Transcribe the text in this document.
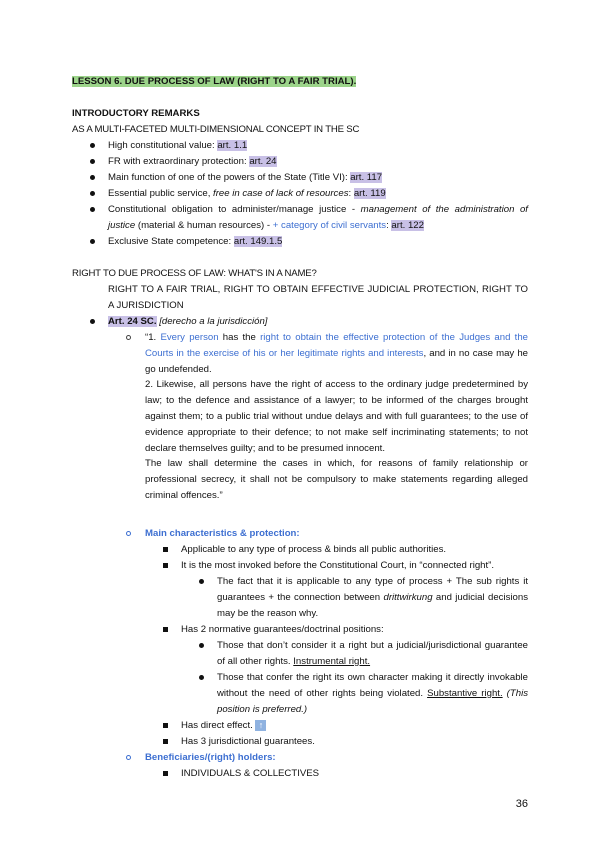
LESSON 6. DUE PROCESS OF LAW (RIGHT TO A FAIR TRIAL).
INTRODUCTORY REMARKS
AS A MULTI-FACETED MULTI-DIMENSIONAL CONCEPT IN THE SC
High constitutional value: art. 1.1
FR with extraordinary protection: art. 24
Main function of one of the powers of the State (Title VI): art. 117
Essential public service, free in case of lack of resources: art. 119
Constitutional obligation to administer/manage justice - management of the administration of justice (material & human resources) - + category of civil servants: art. 122
Exclusive State competence: art. 149.1.5
RIGHT TO DUE PROCESS OF LAW: WHAT'S IN A NAME?
RIGHT TO A FAIR TRIAL, RIGHT TO OBTAIN EFFECTIVE JUDICIAL PROTECTION, RIGHT TO A JURISDICTION
Art. 24 SC. [derecho a la jurisdicción]
“1. Every person has the right to obtain the effective protection of the Judges and the Courts in the exercise of his or her legitimate rights and interests, and in no case may he go undefended.
2. Likewise, all persons have the right of access to the ordinary judge predetermined by law; to the defence and assistance of a lawyer; to be informed of the charges brought against them; to a public trial without undue delays and with full guarantees; to the use of evidence appropriate to their defence; to not make self incriminating statements; to not declare themselves guilty; and to be presumed innocent.
The law shall determine the cases in which, for reasons of family relationship or professional secrecy, it shall not be compulsory to make statements regarding alleged criminal offences.”
Main characteristics & protection:
Applicable to any type of process & binds all public authorities.
It is the most invoked before the Constitutional Court, in “connected right”.
The fact that it is applicable to any type of process + The sub rights it guarantees + the connection between drittwirkung and judicial decisions may be the reason why.
Has 2 normative guarantees/doctrinal positions:
Those that don’t consider it a right but a judicial/jurisdictional guarantee of all other rights. Instrumental right.
Those that confer the right its own character making it directly invokable without the need of other rights being violated. Substantive right. (This position is preferred.)
Has direct effect. ↑
Has 3 jurisdictional guarantees.
Beneficiaries/(right) holders:
INDIVIDUALS & COLLECTIVES
36
